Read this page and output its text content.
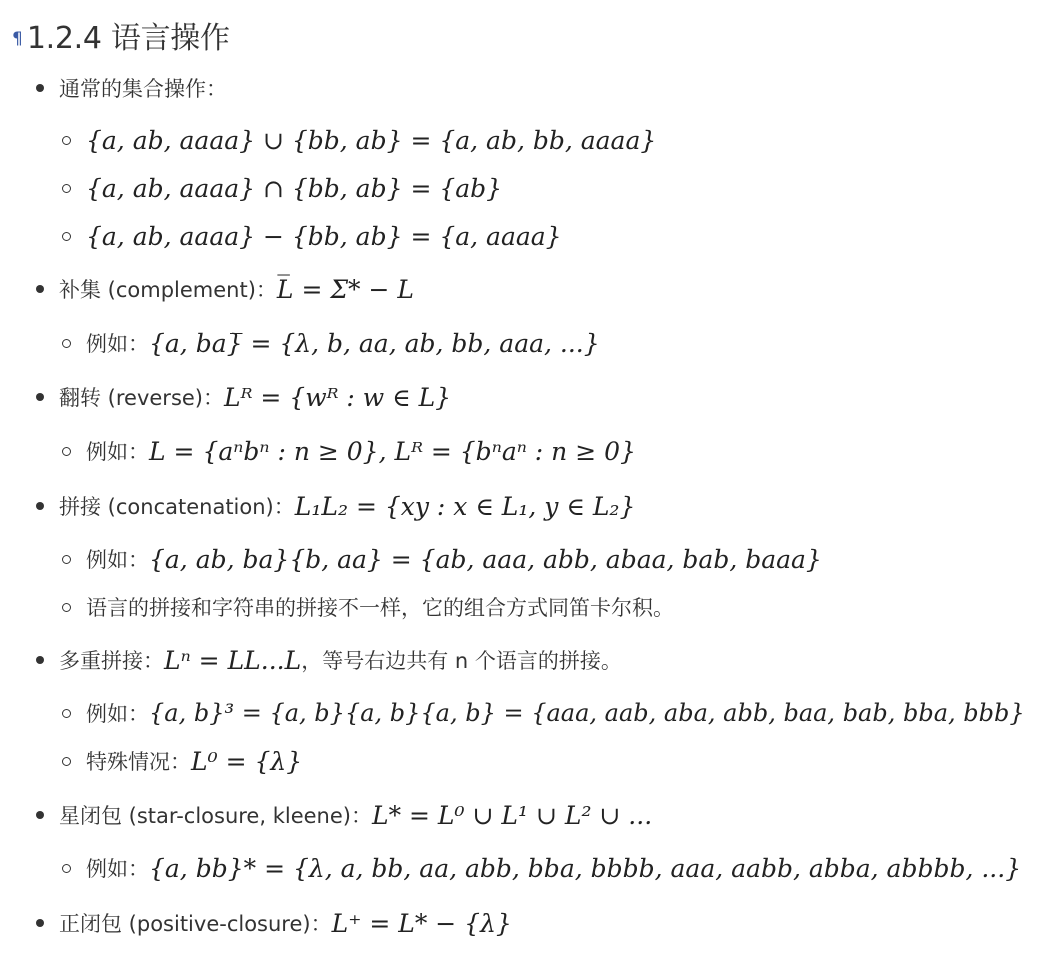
¶ 1.2.4 语言操作
通常的集合操作：
{a, ab, aaaa} ∪ {bb, ab} = {a, ab, bb, aaaa}
{a, ab, aaaa} ∩ {bb, ab} = {ab}
{a, ab, aaaa} − {bb, ab} = {a, aaaa}
补集 (complement)： L̅ = Σ* − L
例如： {a, ba}̅ = {λ, b, aa, ab, bb, aaa, ...}
翻转 (reverse)： Lᴿ = {wᴿ : w ∈ L}
例如： L = {aⁿbⁿ : n ≥ 0}, Lᴿ = {bⁿaⁿ : n ≥ 0}
拼接 (concatenation)： L₁L₂ = {xy : x ∈ L₁, y ∈ L₂}
例如： {a, ab, ba}{b, aa} = {ab, aaa, abb, abaa, bab, baaa}
语言的拼接和字符串的拼接不一样，它的组合方式同笛卡尔积。
多重拼接： Lⁿ = LL...L ，等号右边共有 n 个语言的拼接。
例如： {a, b}³ = {a, b}{a, b}{a, b} = {aaa, aab, aba, abb, baa, bab, bba, bbb}
特殊情况： L⁰ = {λ}
星闭包 (star-closure, kleene)： L* = L⁰ ∪ L¹ ∪ L² ∪ ...
例如： {a, bb}* = {λ, a, bb, aa, abb, bba, bbbb, aaa, aabb, abba, abbbb, ...}
正闭包 (positive-closure)： L⁺ = L* − {λ}
